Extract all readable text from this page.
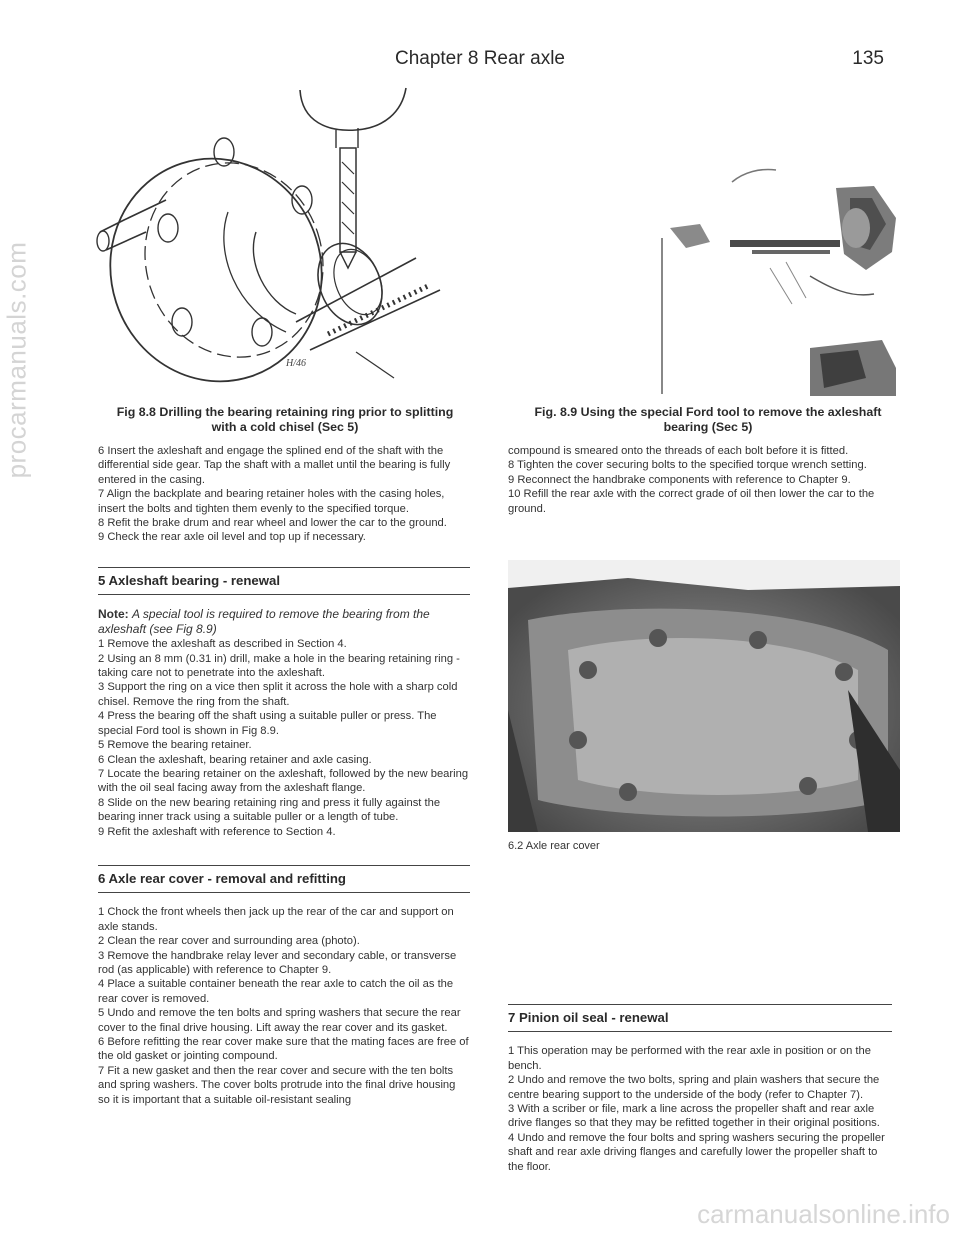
procarmanuals.com
carmanualsonline.info
Chapter 8 Rear axle	135
H/46
Fig 8.8 Drilling the bearing retaining ring prior to splitting with a cold chisel (Sec 5)

6 Insert the axleshaft and engage the splined end of the shaft with the differential side gear. Tap the shaft with a mallet until the bearing is fully entered in the casing.

7 Align the backplate and bearing retainer holes with the casing holes, insert the bolts and tighten them evenly to the specified torque.

8 Refit the brake drum and rear wheel and lower the car to the ground.

9 Check the rear axle oil level and top up if necessary.

5 Axleshaft bearing - renewal

Note: A special tool is required to remove the bearing from the axleshaft (see Fig 8.9)

1 Remove the axleshaft as described in Section 4.

2 Using an 8 mm (0.31 in) drill, make a hole in the bearing retaining ring - taking care not to penetrate into the axleshaft.

3 Support the ring on a vice then split it across the hole with a sharp cold chisel. Remove the ring from the shaft.

4 Press the bearing off the shaft using a suitable puller or press. The special Ford tool is shown in Fig 8.9.

5 Remove the bearing retainer.

6 Clean the axleshaft, bearing retainer and axle casing.

7 Locate the bearing retainer on the axleshaft, followed by the new bearing with the oil seal facing away from the axleshaft flange.

8 Slide on the new bearing retaining ring and press it fully against the bearing inner track using a suitable puller or a length of tube.

9 Refit the axleshaft with reference to Section 4.

6 Axle rear cover - removal and refitting

1 Chock the front wheels then jack up the rear of the car and support on axle stands.

2 Clean the rear cover and surrounding area (photo).

3 Remove the handbrake relay lever and secondary cable, or transverse rod (as applicable) with reference to Chapter 9.

4 Place a suitable container beneath the rear axle to catch the oil as the rear cover is removed.

5 Undo and remove the ten bolts and spring washers that secure the rear cover to the final drive housing. Lift away the rear cover and its gasket.

6 Before refitting the rear cover make sure that the mating faces are free of the old gasket or jointing compound.

7 Fit a new gasket and then the rear cover and secure with the ten bolts and spring washers. The cover bolts protrude into the final drive housing so it is important that a suitable oil-resistant sealing

Fig. 8.9 Using the special Ford tool to remove the axleshaft bearing (Sec 5)

compound is smeared onto the threads of each bolt before it is fitted.

8 Tighten the cover securing bolts to the specified torque wrench setting.

9 Reconnect the handbrake components with reference to Chapter 9.

10 Refill the rear axle with the correct grade of oil then lower the car to the ground.

6.2 Axle rear cover
7 Pinion oil seal - renewal

1 This operation may be performed with the rear axle in position or on the bench.

2 Undo and remove the two bolts, spring and plain washers that secure the centre bearing support to the underside of the body (refer to Chapter 7).

3 With a scriber or file, mark a line across the propeller shaft and rear axle drive flanges so that they may be refitted together in their original positions.

4 Undo and remove the four bolts and spring washers securing the propeller shaft and rear axle driving flanges and carefully lower the propeller shaft to the floor.
